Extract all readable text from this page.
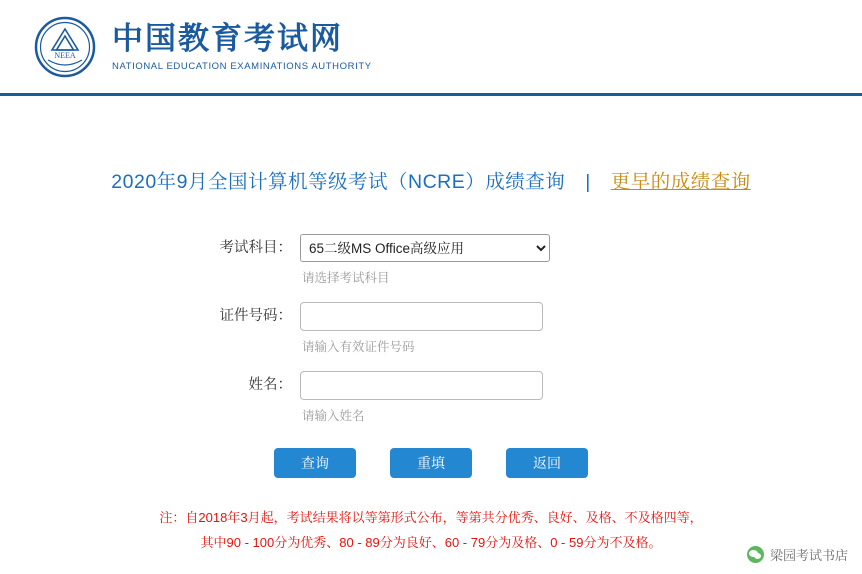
NEEA 中国教育考试网
NATIONAL EDUCATION EXAMINATIONS AUTHORITY
2020年9月全国计算机等级考试（NCRE）成绩查询 | 更早的成绩查询
考试科目：
65二级MS Office高级应用
请选择考试科目
证件号码：
请输入有效证件号码
姓名：
请输入姓名
查询	重填	返回
注：自2018年3月起，考试结果将以等第形式公布，等第共分优秀、良好、及格、不及格四等，
其中90 - 100分为优秀、80 - 89分为良好、60 - 79分为及格、0 - 59分为不及格。
梁园考试书店
